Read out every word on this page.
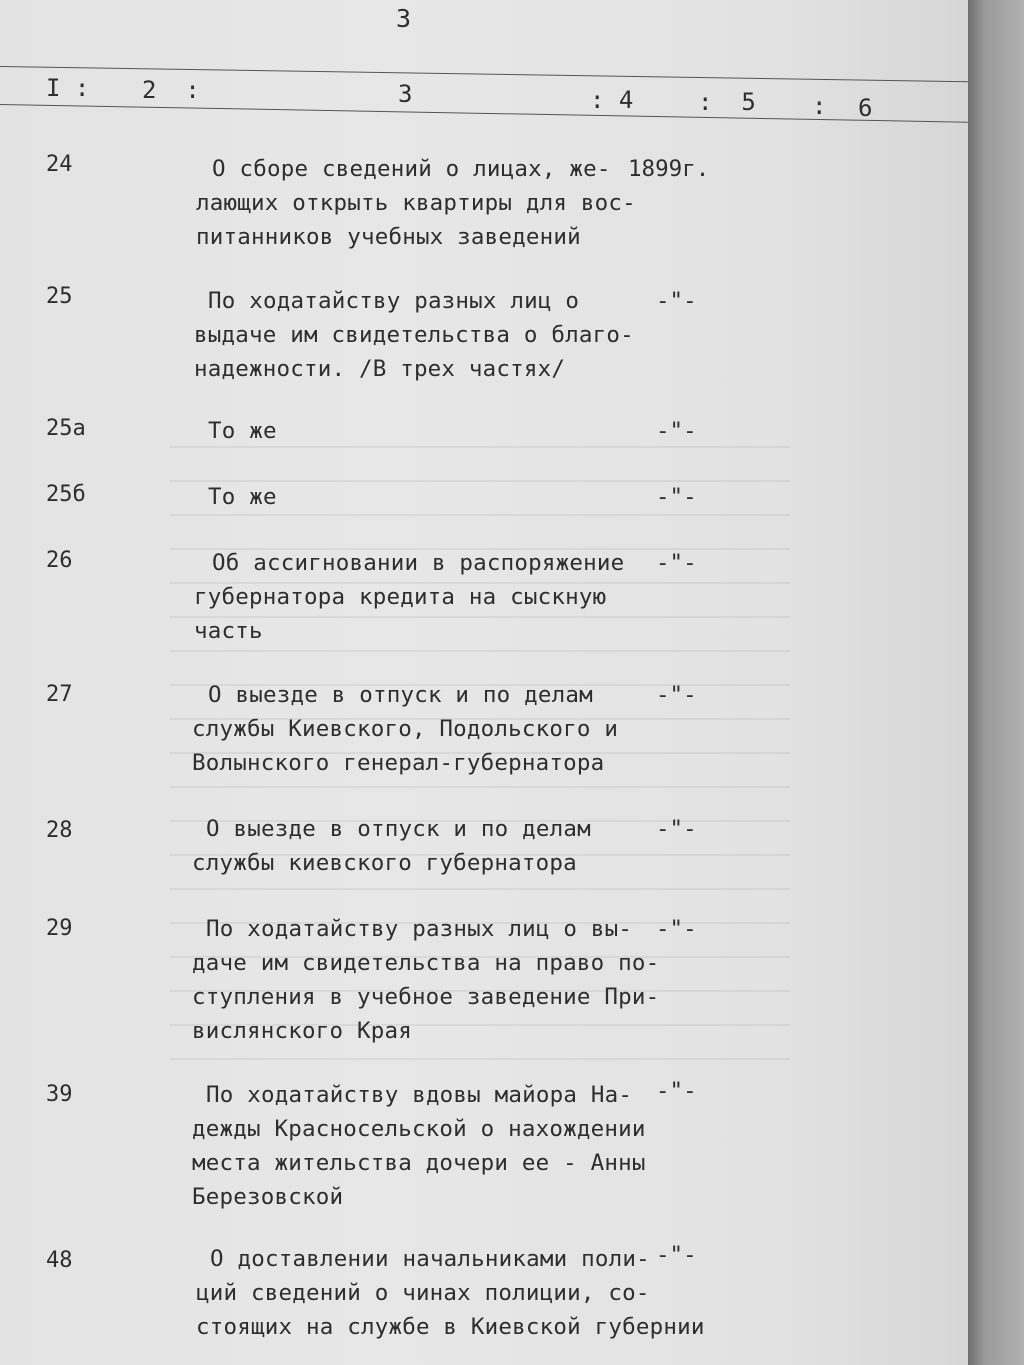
3
I : 2  :	3	: 4	:  5 : 6
24	О сборе сведений о лицах, же-
лающих открыть квартиры для вос-
питанников учебных заведений
1899г.
25	По ходатайству разных лиц о
выдаче им свидетельства о благо-
надежности. /В трех частях/
-"-
25а	То же	-"-
25б	То же	-"-
26	Об ассигновании в распоряжение
губернатора кредита на сыскную
часть
-"-
27	О выезде в отпуск и по делам
службы Киевского, Подольского и
Волынского генерал-губернатора
-"-
28	О выезде в отпуск и по делам
службы киевского губернатора
-"-
29	По ходатайству разных лиц о вы-
даче им свидетельства на право по-
ступления в учебное заведение При-
вислянского Края
-"-
39	По ходатайству вдовы майора На-
дежды Красносельской о нахождении
места жительства дочери ее - Анны
Березовской
-"-
48	О доставлении начальниками поли-
ций сведений о чинах полиции, со-
стоящих на службе в Киевской губернии
-"-
